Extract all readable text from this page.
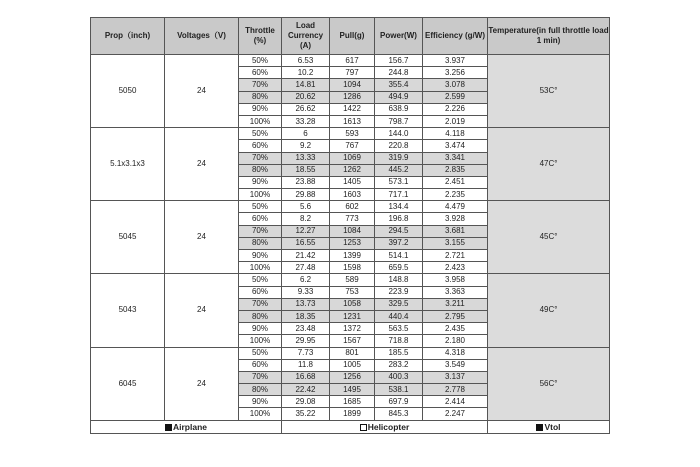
Prop（inch)	Voltages（V)	Throttle (%)	Load Currency (A)	Pull(g)	Power(W)	Efficiency (g/W)	Temperature(in full throttle load 1 min)
5050	24	50%	6.53	617	156.7	3.937	53C°
		60%	10.2	797	244.8	3.256	
		70%	14.81	1094	355.4	3.078	
		80%	20.62	1286	494.9	2.599	
		90%	26.62	1422	638.9	2.226	
		100%	33.28	1613	798.7	2.019	
5.1x3.1x3	24	50%	6	593	144.0	4.118	47C°
		60%	9.2	767	220.8	3.474	
		70%	13.33	1069	319.9	3.341	
		80%	18.55	1262	445.2	2.835	
		90%	23.88	1405	573.1	2.451	
		100%	29.88	1603	717.1	2.235	
5045	24	50%	5.6	602	134.4	4.479	45C°
		60%	8.2	773	196.8	3.928	
		70%	12.27	1084	294.5	3.681	
		80%	16.55	1253	397.2	3.155	
		90%	21.42	1399	514.1	2.721	
		100%	27.48	1598	659.5	2.423	
5043	24	50%	6.2	589	148.8	3.958	49C°
		60%	9.33	753	223.9	3.363	
		70%	13.73	1058	329.5	3.211	
		80%	18.35	1231	440.4	2.795	
		90%	23.48	1372	563.5	2.435	
		100%	29.95	1567	718.8	2.180	
6045	24	50%	7.73	801	185.5	4.318	56C°
		60%	11.8	1005	283.2	3.549	
		70%	16.68	1256	400.3	3.137	
		80%	22.42	1495	538.1	2.778	
		90%	29.08	1685	697.9	2.414	
		100%	35.22	1899	845.3	2.247	
Airplane			Helicopter				Vtol
